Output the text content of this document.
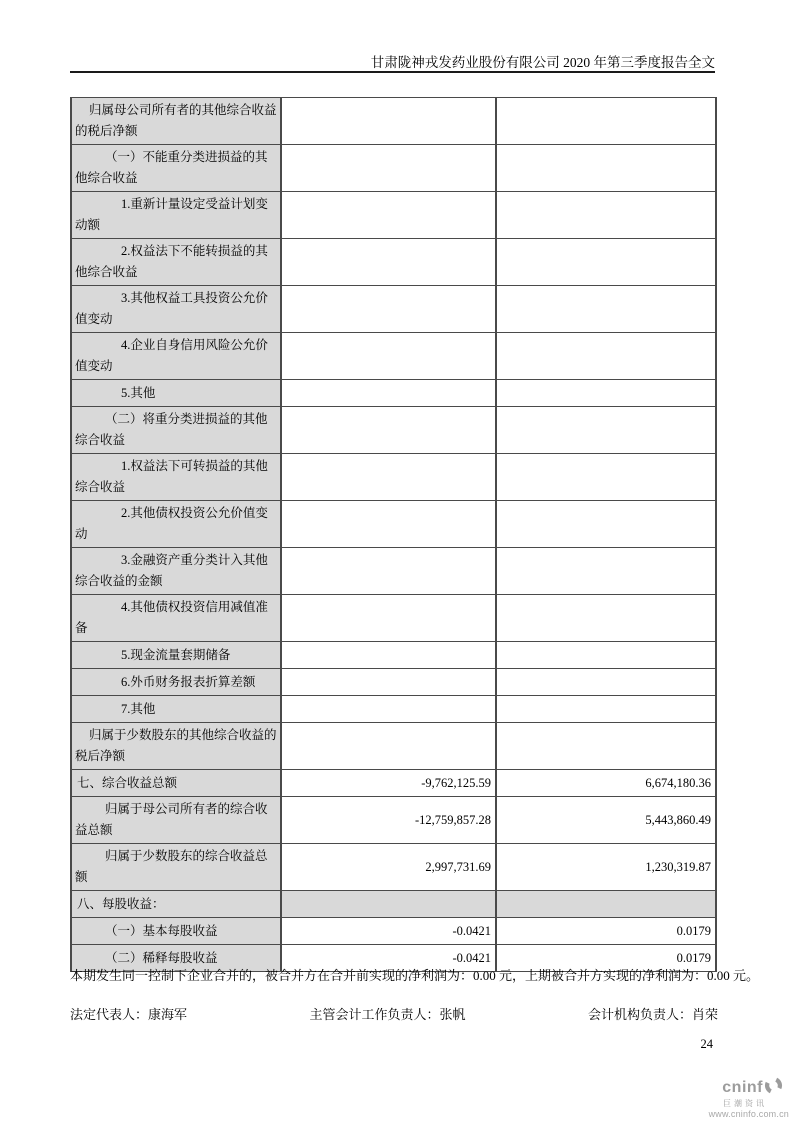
甘肃陇神戎发药业股份有限公司 2020 年第三季度报告全文
归属母公司所有者的其他综合收益的税后净额		
（一）不能重分类进损益的其他综合收益		
1.重新计量设定受益计划变动额		
2.权益法下不能转损益的其他综合收益		
3.其他权益工具投资公允价值变动		
4.企业自身信用风险公允价值变动		
5.其他		
（二）将重分类进损益的其他综合收益		
1.权益法下可转损益的其他综合收益		
2.其他债权投资公允价值变动		
3.金融资产重分类计入其他综合收益的金额		
4.其他债权投资信用减值准备		
5.现金流量套期储备		
6.外币财务报表折算差额		
7.其他		
归属于少数股东的其他综合收益的税后净额		
七、综合收益总额	-9,762,125.59	6,674,180.36
归属于母公司所有者的综合收益总额	-12,759,857.28	5,443,860.49
归属于少数股东的综合收益总额	2,997,731.69	1,230,319.87
八、每股收益：		
（一）基本每股收益	-0.0421	0.0179
（二）稀释每股收益	-0.0421	0.0179

本期发生同一控制下企业合并的，被合并方在合并前实现的净利润为：0.00 元，上期被合并方实现的净利润为：0.00 元。

法定代表人：康海军	主管会计工作负责人：张帆	会计机构负责人：肖荣
24
cninf
巨潮资讯
www.cninfo.com.cn
